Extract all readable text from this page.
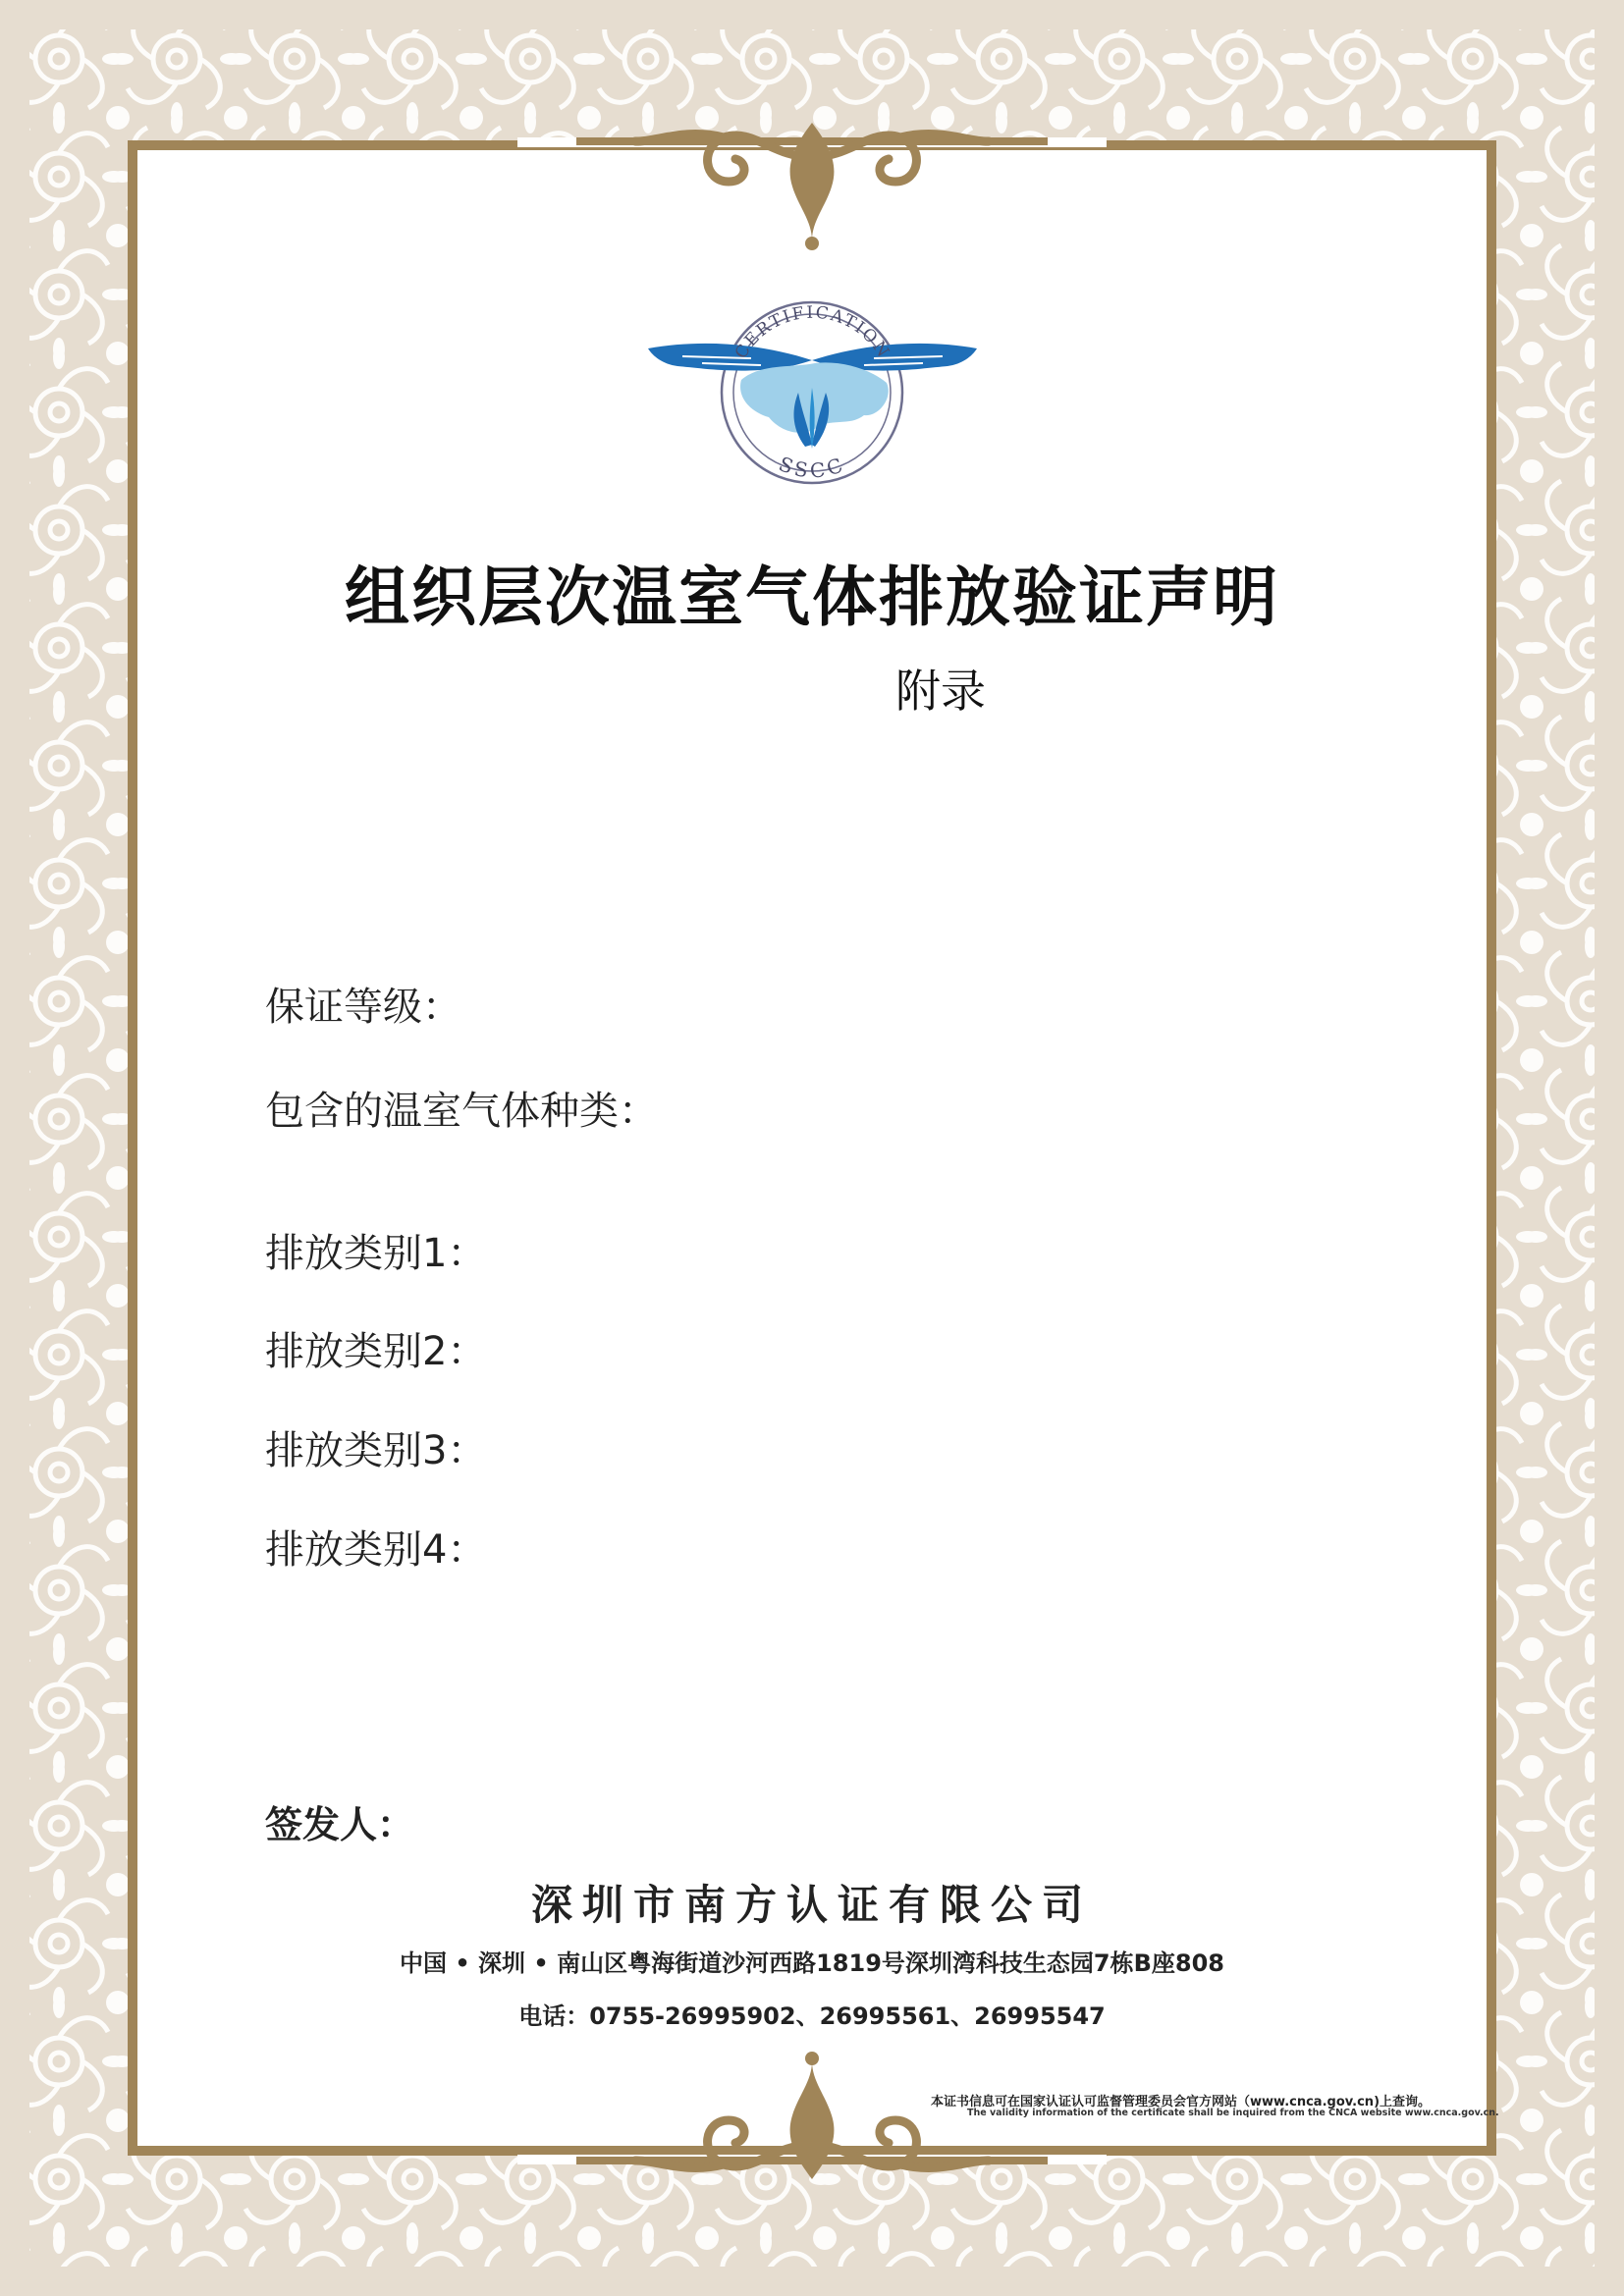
CERTIFICATION
SSCC
组织层次温室气体排放验证声明
附录
保证等级：
包含的温室气体种类：
排放类别1：
排放类别2：
排放类别3：
排放类别4：
签发人：
深圳市南方认证有限公司
中国 • 深圳 • 南山区粤海街道沙河西路1819号深圳湾科技生态园7栋B座808
电话：0755-26995902、26995561、26995547
本证书信息可在国家认证认可监督管理委员会官方网站（www.cnca.gov.cn)上查询。
The validity information of the certificate shall be inquired from the CNCA website www.cnca.gov.cn.
